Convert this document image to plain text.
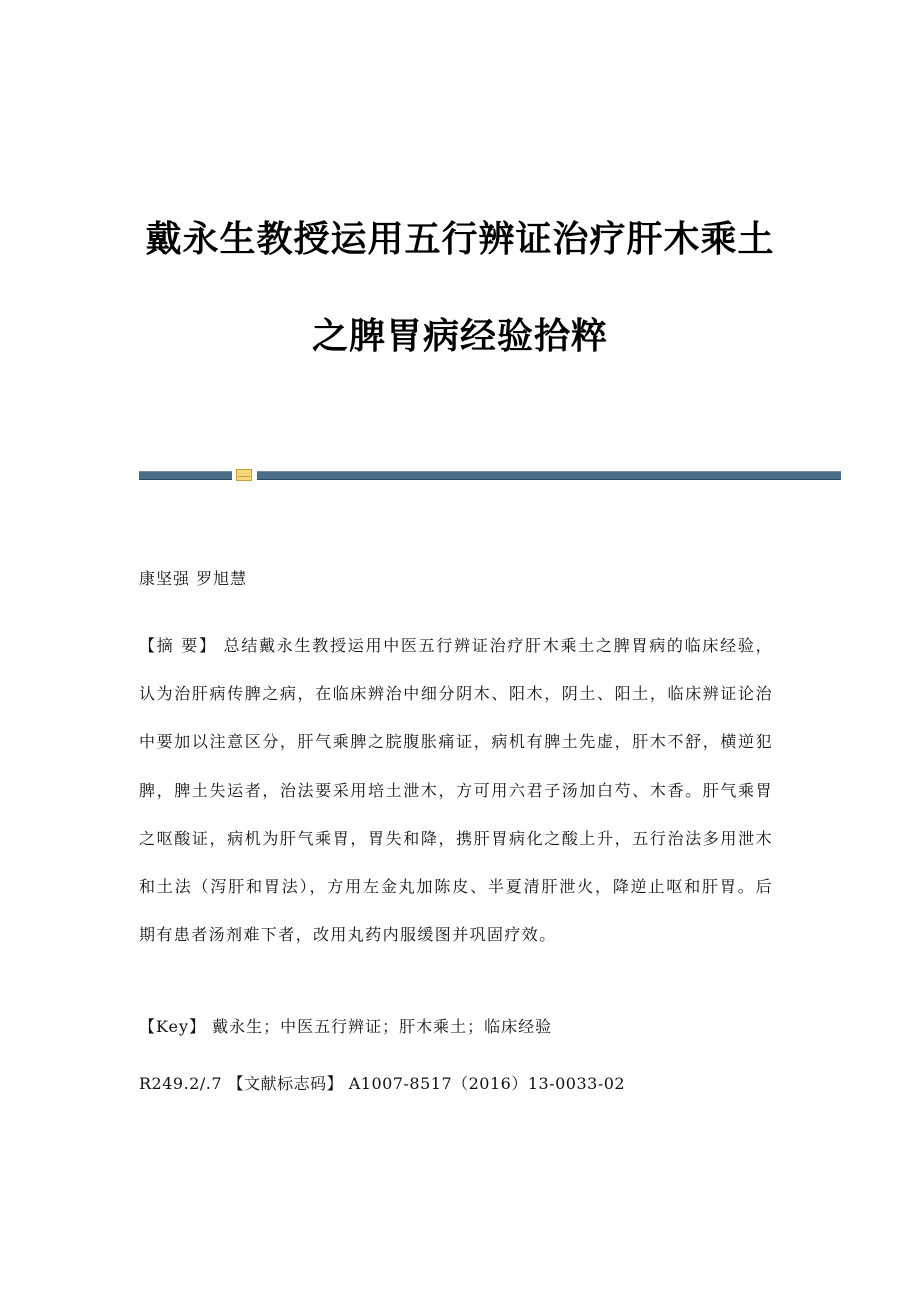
戴永生教授运用五行辨证治疗肝木乘土
之脾胃病经验拾粹
康坚强 罗旭慧
【摘 要】 总结戴永生教授运用中医五行辨证治疗肝木乘土之脾胃病的临床经验，认为治肝病传脾之病，在临床辨治中细分阴木、阳木，阴土、阳土，临床辨证论治中要加以注意区分，肝气乘脾之脘腹胀痛证，病机有脾土先虚，肝木不舒，横逆犯脾，脾土失运者，治法要采用培土泄木，方可用六君子汤加白芍、木香。肝气乘胃之呕酸证，病机为肝气乘胃，胃失和降，携肝胃病化之酸上升，五行治法多用泄木和土法（泻肝和胃法），方用左金丸加陈皮、半夏清肝泄火，降逆止呕和肝胃。后期有患者汤剂难下者，改用丸药内服缓图并巩固疗效。
【Key】 戴永生；中医五行辨证；肝木乘土；临床经验
R249.2/.7 【文献标志码】 A1007-8517（2016）13-0033-02
